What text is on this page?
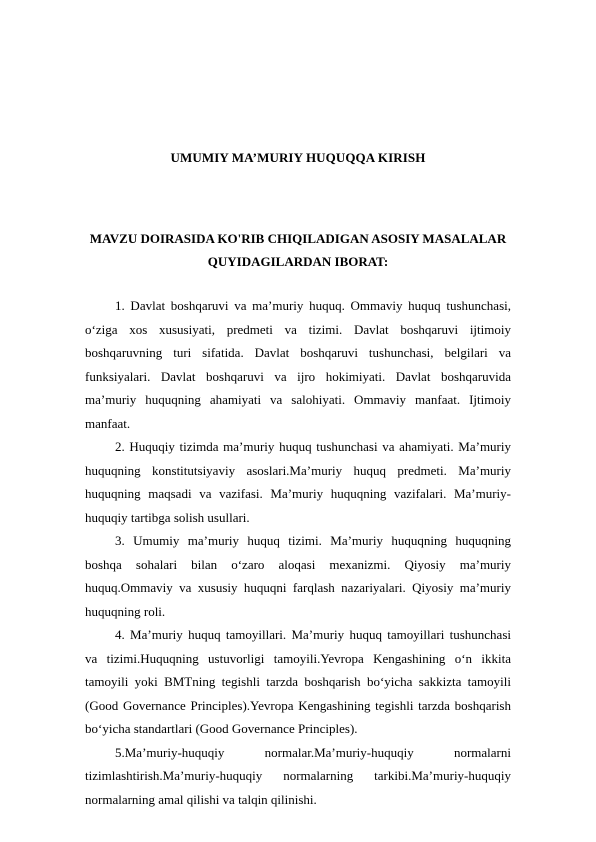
UMUMIY MA’MURIY HUQUQQA KIRISH
MAVZU DOIRASIDA KO'RIB CHIQILADIGAN ASOSIY MASALALAR QUYIDAGILARDAN IBORAT:

1. Davlat boshqaruvi va ma’muriy huquq. Ommaviy huquq tushunchasi, o‘ziga xos xususiyati, predmeti va tizimi. Davlat boshqaruvi ijtimoiy boshqaruvning turi sifatida. Davlat boshqaruvi tushunchasi, belgilari va funksiyalari. Davlat boshqaruvi va ijro hokimiyati. Davlat boshqaruvida ma’muriy huquqning ahamiyati va salohiyati. Ommaviy manfaat. Ijtimoiy manfaat.

2. Huquqiy tizimda ma’muriy huquq tushunchasi va ahamiyati. Ma’muriy huquqning konstitutsiyaviy asoslari.Ma’muriy huquq predmeti. Ma’muriy huquqning maqsadi va vazifasi. Ma’muriy huquqning vazifalari. Ma’muriy-huquqiy tartibga solish usullari.

3. Umumiy ma’muriy huquq tizimi. Ma’muriy huquqning huquqning boshqa sohalari bilan o‘zaro aloqasi mexanizmi. Qiyosiy ma’muriy huquq.Ommaviy va xususiy huquqni farqlash nazariyalari. Qiyosiy ma’muriy huquqning roli.

4. Ma’muriy huquq tamoyillari. Ma’muriy huquq tamoyillari tushunchasi va tizimi.Huquqning ustuvorligi tamoyili.Yevropa Kengashining o‘n ikkita tamoyili yoki BMTning tegishli tarzda boshqarish bo‘yicha sakkizta tamoyili (Good Governance Principles).Yevropa Kengashining tegishli tarzda boshqarish bo‘yicha standartlari (Good Governance Principles).

5.Ma’muriy-huquqiy normalar.Ma’muriy-huquqiy normalarni tizimlashtirish.Ma’muriy-huquqiy normalarning tarkibi.Ma’muriy-huquqiy normalarning amal qilishi va talqin qilinishi.
